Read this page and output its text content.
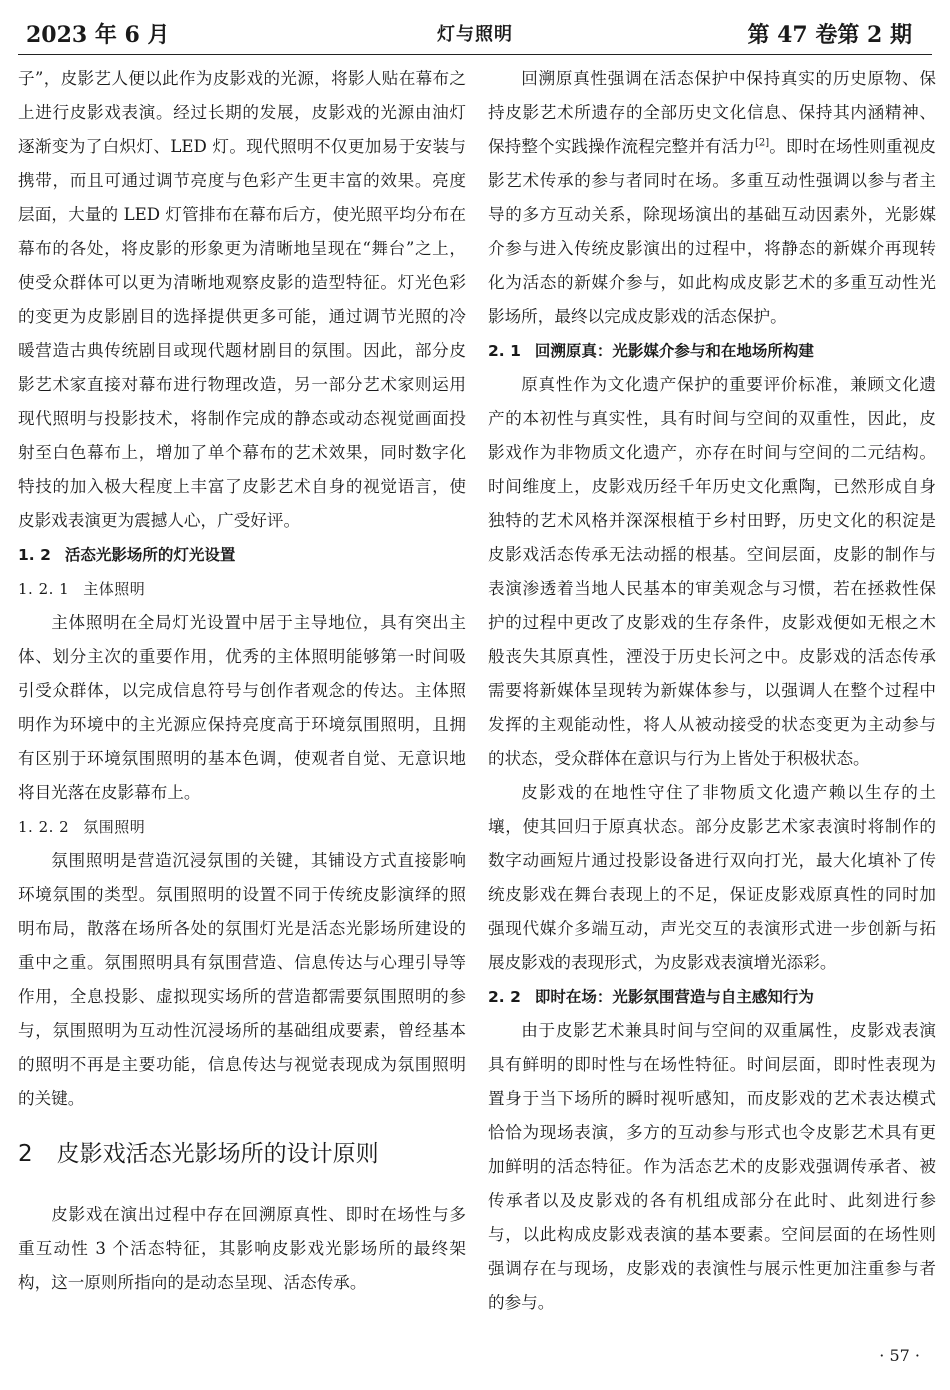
2023 年 6 月	灯与照明	第 47 卷第 2 期

子”，皮影艺人便以此作为皮影戏的光源，将影人贴在幕布之上进行皮影戏表演。经过长期的发展，皮影戏的光源由油灯逐渐变为了白炽灯、LED 灯。现代照明不仅更加易于安装与携带，而且可通过调节亮度与色彩产生更丰富的效果。亮度层面，大量的 LED 灯管排布在幕布后方，使光照平均分布在幕布的各处，将皮影的形象更为清晰地呈现在“舞台”之上，使受众群体可以更为清晰地观察皮影的造型特征。灯光色彩的变更为皮影剧目的选择提供更多可能，通过调节光照的冷暖营造古典传统剧目或现代题材剧目的氛围。因此，部分皮影艺术家直接对幕布进行物理改造，另一部分艺术家则运用现代照明与投影技术，将制作完成的静态或动态视觉画面投射至白色幕布上，增加了单个幕布的艺术效果，同时数字化特技的加入极大程度上丰富了皮影艺术自身的视觉语言，使皮影戏表演更为震撼人心，广受好评。

1. 2 活态光影场所的灯光设置
1. 2. 1 主体照明

主体照明在全局灯光设置中居于主导地位，具有突出主体、划分主次的重要作用，优秀的主体照明能够第一时间吸引受众群体，以完成信息符号与创作者观念的传达。主体照明作为环境中的主光源应保持亮度高于环境氛围照明，且拥有区别于环境氛围照明的基本色调，使观者自觉、无意识地将目光落在皮影幕布上。

1. 2. 2 氛围照明

氛围照明是营造沉浸氛围的关键，其铺设方式直接影响环境氛围的类型。氛围照明的设置不同于传统皮影演绎的照明布局，散落在场所各处的氛围灯光是活态光影场所建设的重中之重。氛围照明具有氛围营造、信息传达与心理引导等作用，全息投影、虚拟现实场所的营造都需要氛围照明的参与，氛围照明为互动性沉浸场所的基础组成要素，曾经基本的照明不再是主要功能，信息传达与视觉表现成为氛围照明的关键。

2 皮影戏活态光影场所的设计原则

皮影戏在演出过程中存在回溯原真性、即时在场性与多重互动性 3 个活态特征，其影响皮影戏光影场所的最终架构，这一原则所指向的是动态呈现、活态传承。

回溯原真性强调在活态保护中保持真实的历史原物、保持皮影艺术所遗存的全部历史文化信息、保持其内涵精神、保持整个实践操作流程完整并有活力[2]。即时在场性则重视皮影艺术传承的参与者同时在场。多重互动性强调以参与者主导的多方互动关系，除现场演出的基础互动因素外，光影媒介参与进入传统皮影演出的过程中，将静态的新媒介再现转化为活态的新媒介参与，如此构成皮影艺术的多重互动性光影场所，最终以完成皮影戏的活态保护。

2. 1 回溯原真：光影媒介参与和在地场所构建

原真性作为文化遗产保护的重要评价标准，兼顾文化遗产的本初性与真实性，具有时间与空间的双重性，因此，皮影戏作为非物质文化遗产，亦存在时间与空间的二元结构。时间维度上，皮影戏历经千年历史文化熏陶，已然形成自身独特的艺术风格并深深根植于乡村田野，历史文化的积淀是皮影戏活态传承无法动摇的根基。空间层面，皮影的制作与表演渗透着当地人民基本的审美观念与习惯，若在拯救性保护的过程中更改了皮影戏的生存条件，皮影戏便如无根之木般丧失其原真性，湮没于历史长河之中。皮影戏的活态传承需要将新媒体呈现转为新媒体参与，以强调人在整个过程中发挥的主观能动性，将人从被动接受的状态变更为主动参与的状态，受众群体在意识与行为上皆处于积极状态。

皮影戏的在地性守住了非物质文化遗产赖以生存的土壤，使其回归于原真状态。部分皮影艺术家表演时将制作的数字动画短片通过投影设备进行双向打光，最大化填补了传统皮影戏在舞台表现上的不足，保证皮影戏原真性的同时加强现代媒介多端互动，声光交互的表演形式进一步创新与拓展皮影戏的表现形式，为皮影戏表演增光添彩。

2. 2 即时在场：光影氛围营造与自主感知行为

由于皮影艺术兼具时间与空间的双重属性，皮影戏表演具有鲜明的即时性与在场性特征。时间层面，即时性表现为置身于当下场所的瞬时视听感知，而皮影戏的艺术表达模式恰恰为现场表演，多方的互动参与形式也令皮影艺术具有更加鲜明的活态特征。作为活态艺术的皮影戏强调传承者、被传承者以及皮影戏的各有机组成部分在此时、此刻进行参与，以此构成皮影戏表演的基本要素。空间层面的在场性则强调存在与现场，皮影戏的表演性与展示性更加注重参与者的参与。

· 57 ·
